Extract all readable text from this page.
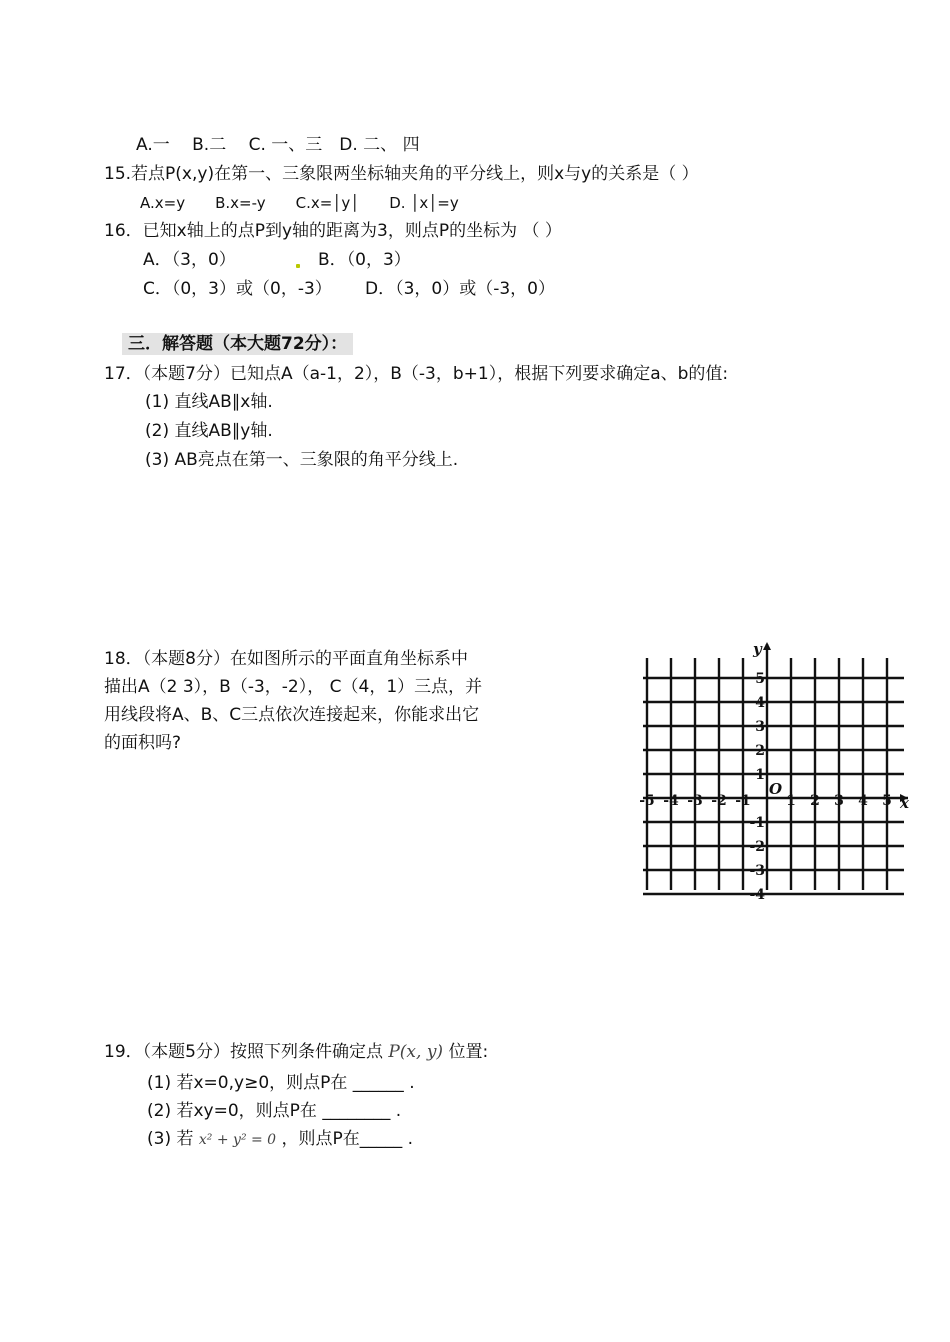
A.一　 B.二　 C. 一、三　D. 二、 四
15.若点P(x,y)在第一、三象限两坐标轴夹角的平分线上，则x与y的关系是（ ）
A.x=y　　B.x=-y　　C.x=│y│　　D. │x│=y
16．已知x轴上的点P到y轴的距离为3，则点P的坐标为 （ ）
A．（3，0）	B．（0，3）
C．（0，3）或（0，-3） D．（3，0）或（-3，0）
三．解答题（本大题72分）：
17．（本题7分）已知点A（a-1，2），B（-3，b+1），根据下列要求确定a、b的值:
(1) 直线AB∥x轴.
(2) 直线AB∥y轴.
(3) AB亮点在第一、三象限的角平分线上.
18．（本题8分）在如图所示的平面直角坐标系中
描出A（2 3），B（-3，-2）， C（4，1）三点，并
用线段将A、B、C三点依次连接起来，你能求出它
的面积吗?
-5 -4 -3 -2 -1	1 2 3 4 5
5
4
3
2
1
-1
-2
-3
-4
O
x
y
19．（本题5分）按照下列条件确定点 P(x, y) 位置:
(1) 若x=0,y≥0，则点P在 ______ .
(2) 若xy=0，则点P在 ________ .
(3) 若 x² + y² = 0 ，则点P在_____ .
